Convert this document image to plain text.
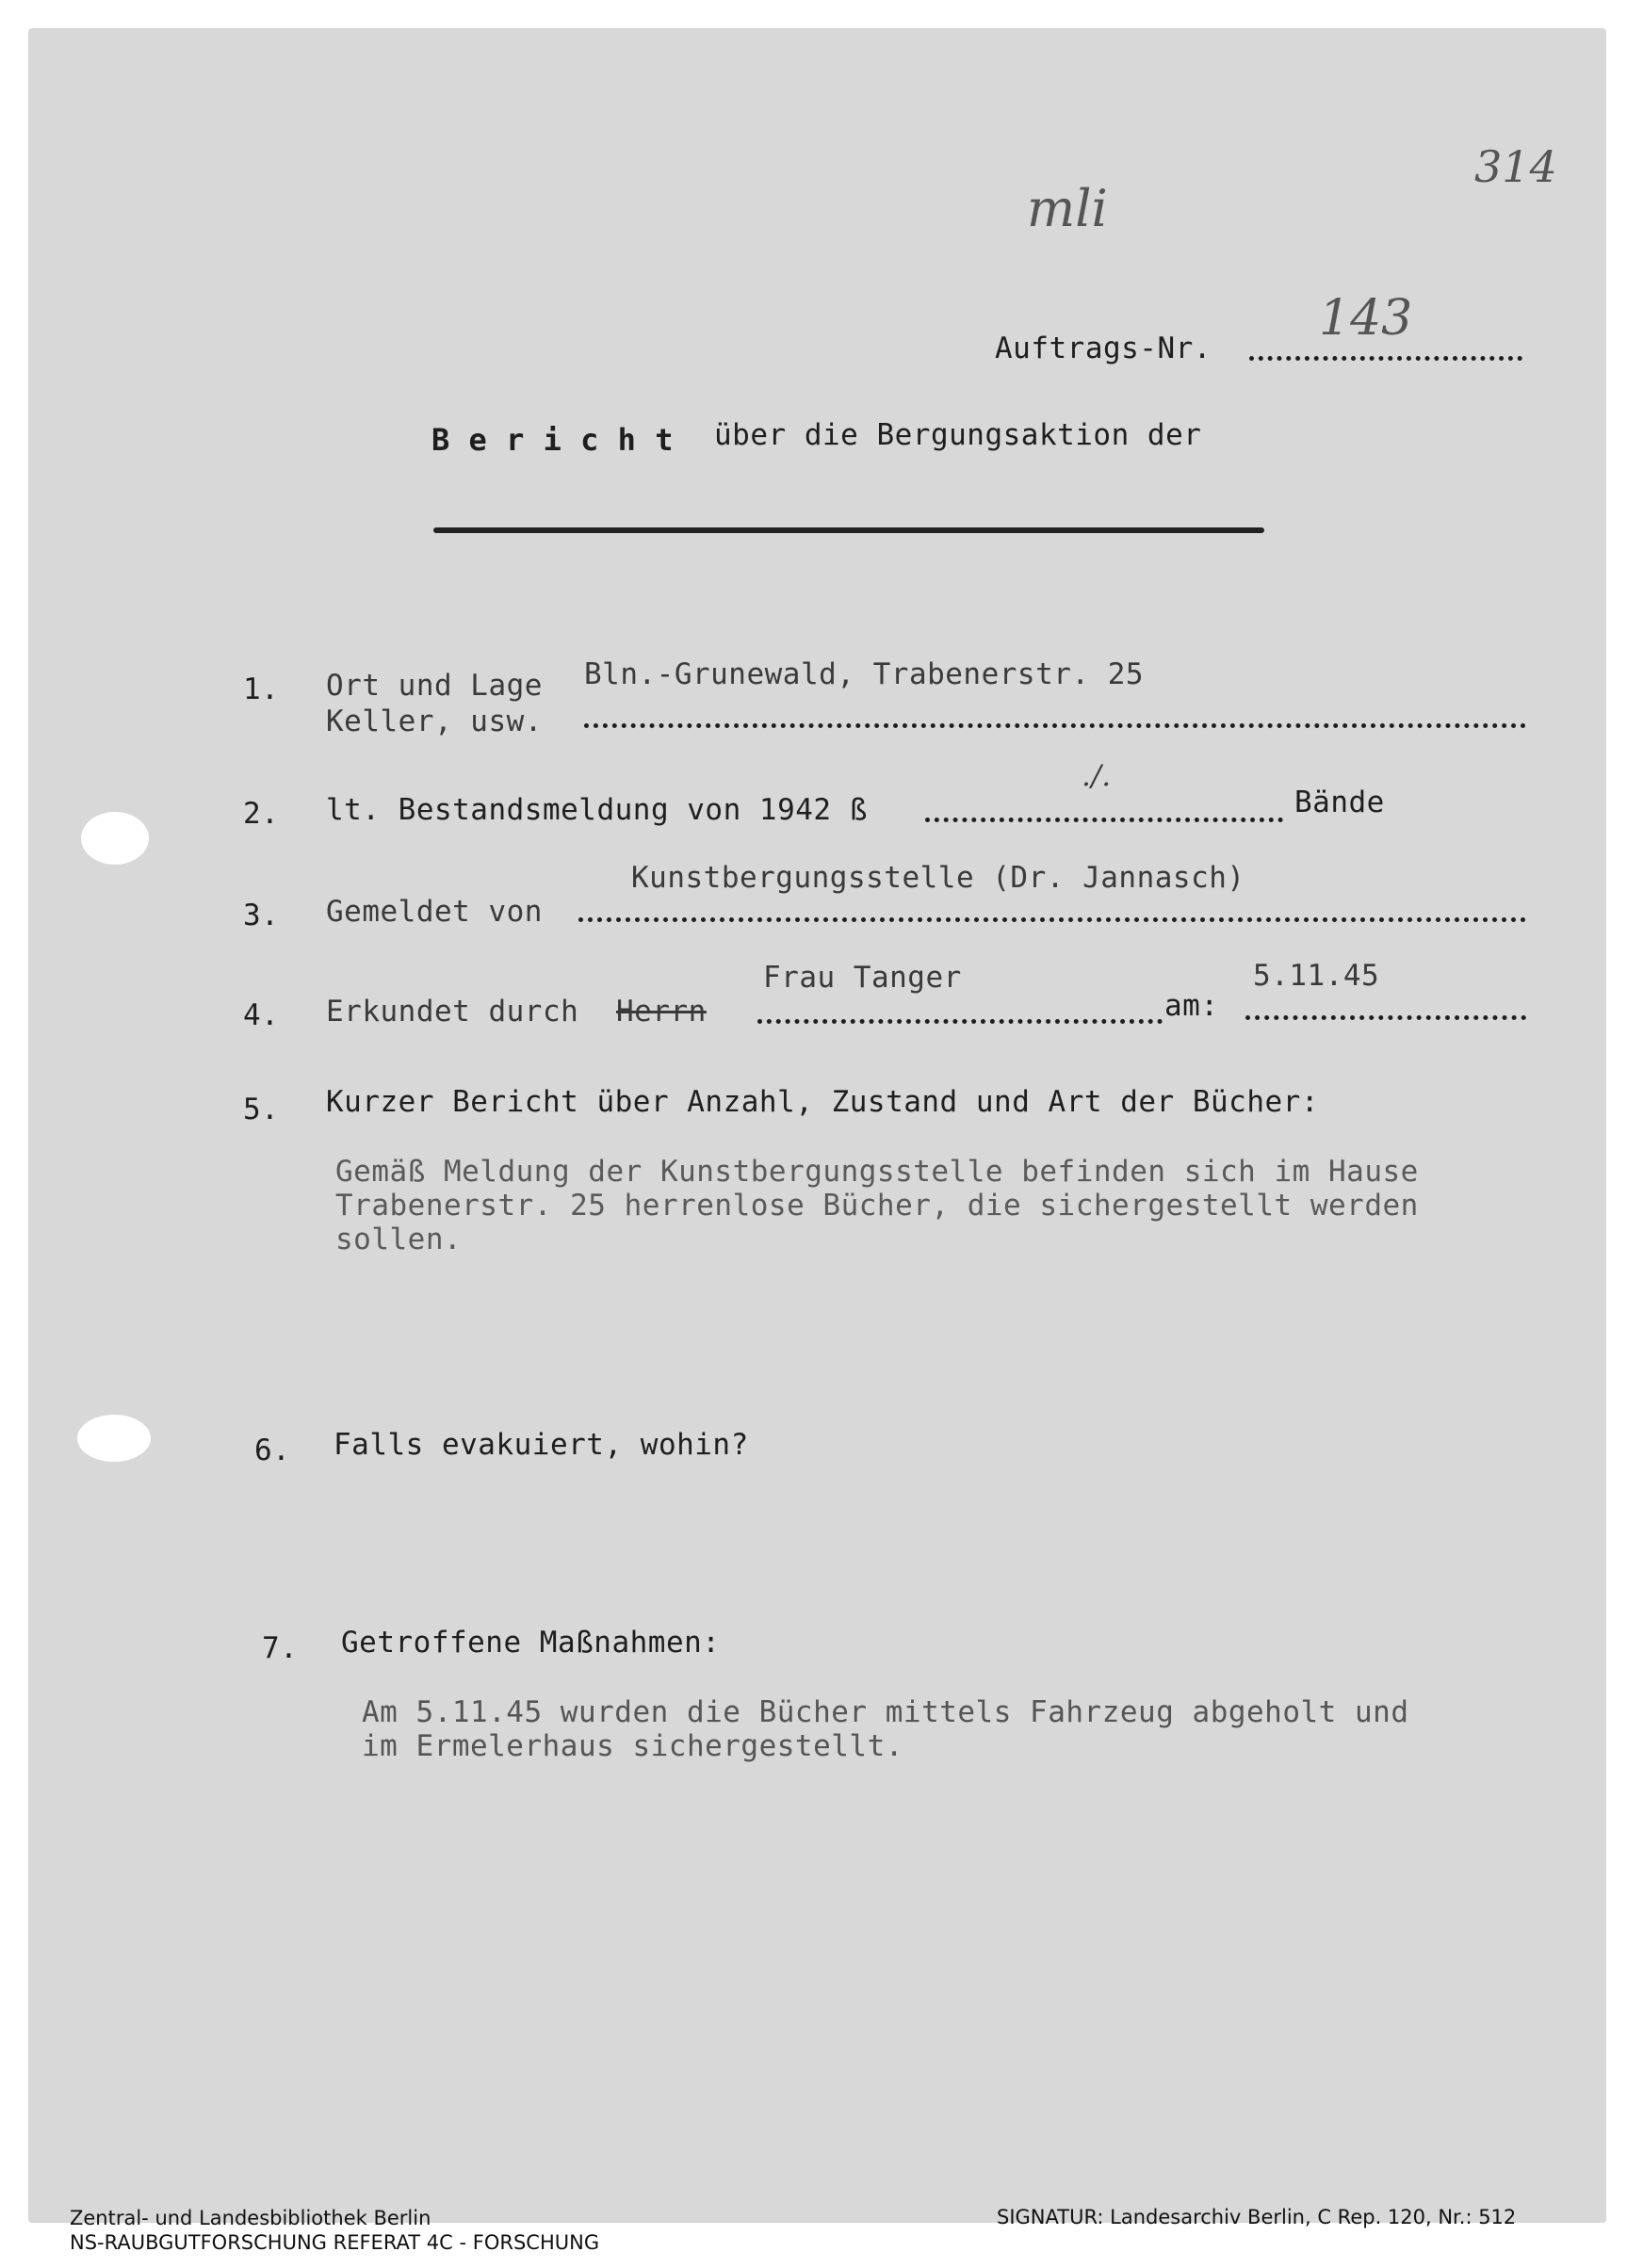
314
mli
143
Auftrags-Nr.
B e r i c h t über die Bergungsaktion der
1. Ort und Lage
Keller, usw.
Bln.-Grunewald, Trabenerstr. 25
2. lt. Bestandsmeldung von 1942 ß
./.
Bände
3. Gemeldet von
Kunstbergungsstelle (Dr. Jannasch)
4. Erkundet durch Herrn
Frau Tanger
am:
5.11.45
5. Kurzer Bericht über Anzahl, Zustand und Art der Bücher:
Gemäß Meldung der Kunstbergungsstelle befinden sich im Hause
Trabenerstr. 25 herrenlose Bücher, die sichergestellt werden
sollen.
6. Falls evakuiert, wohin?
7. Getroffene Maßnahmen:
Am 5.11.45 wurden die Bücher mittels Fahrzeug abgeholt und
im Ermelerhaus sichergestellt.
Zentral- und Landesbibliothek Berlin
NS-RAUBGUTFORSCHUNG REFERAT 4C - FORSCHUNG
SIGNATUR: Landesarchiv Berlin, C Rep. 120, Nr.: 512
